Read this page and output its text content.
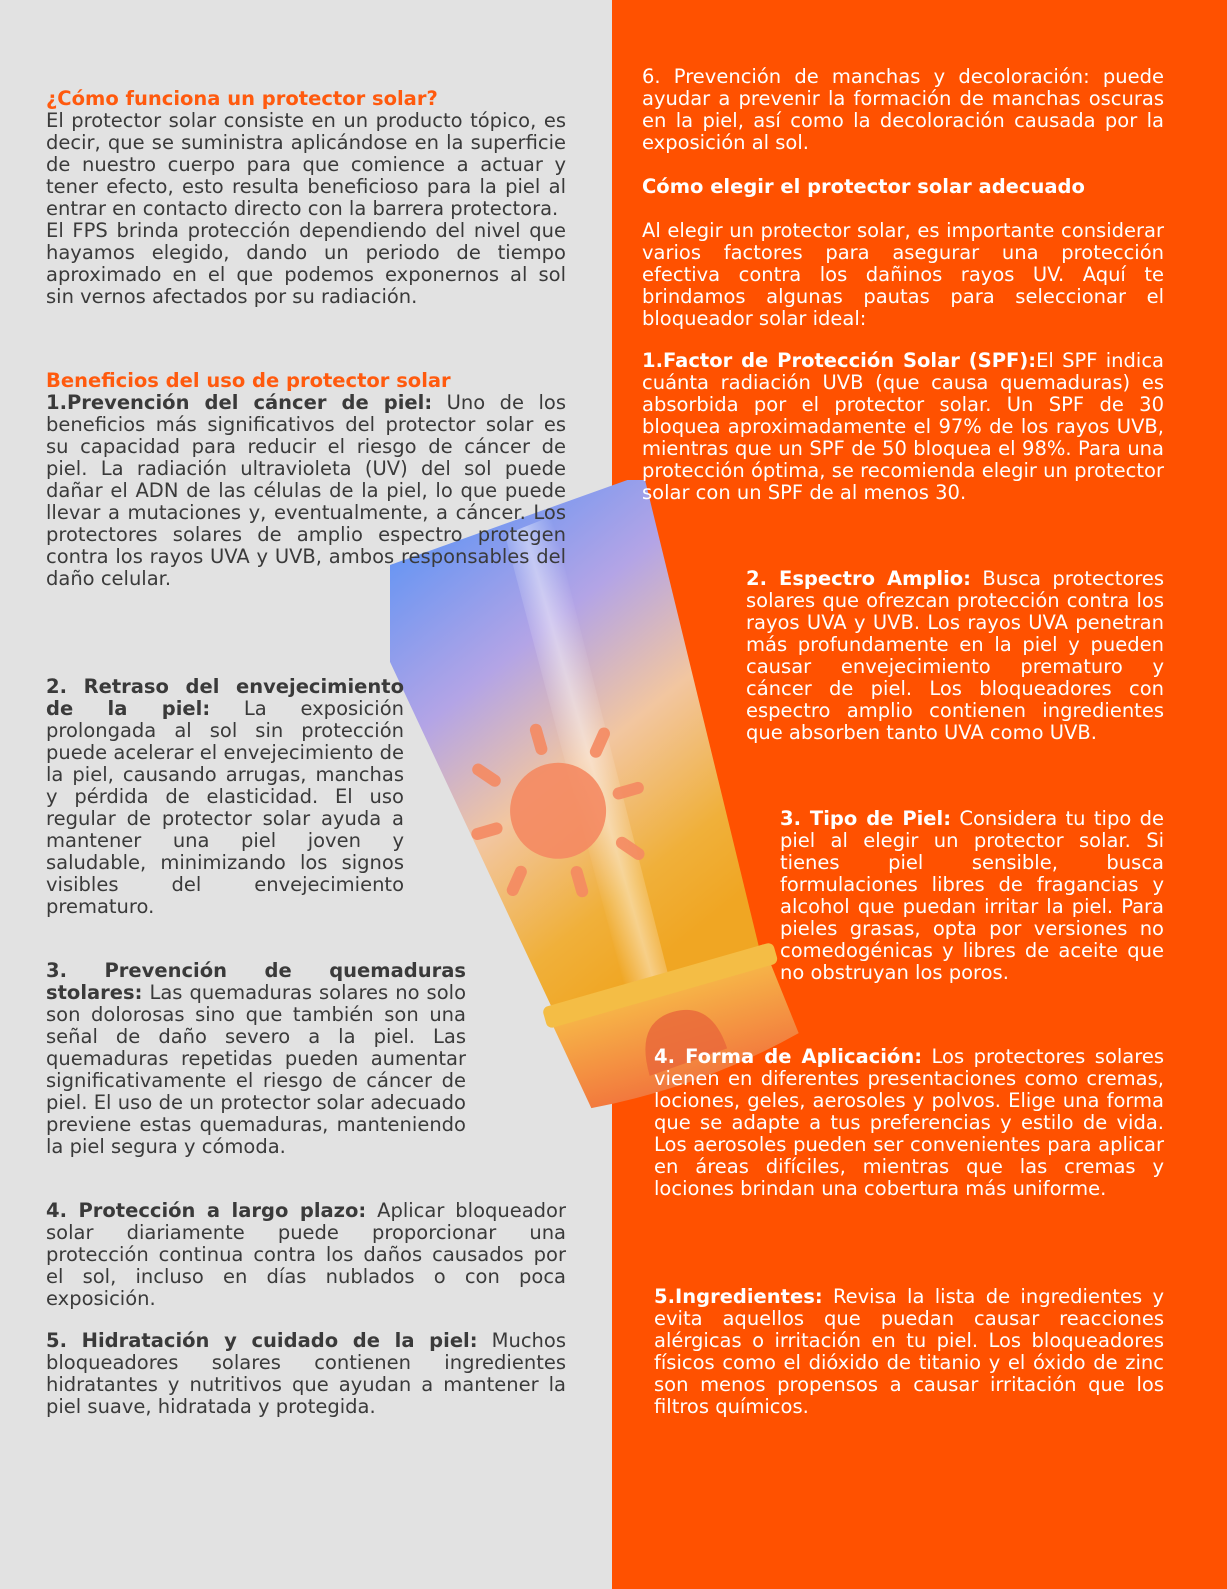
¿Cómo funciona un protector solar?
El protector solar consiste en un producto tópico, es decir, que se suministra aplicándose en la superficie de nuestro cuerpo para que comience a actuar y tener efecto, esto resulta beneficioso para la piel al entrar en contacto directo con la barrera protectora.
El FPS brinda protección dependiendo del nivel que hayamos elegido, dando un periodo de tiempo aproximado en el que podemos exponernos al sol sin vernos afectados por su radiación.
Beneficios del uso de protector solar
1.Prevención del cáncer de piel: Uno de los beneficios más significativos del protector solar es su capacidad para reducir el riesgo de cáncer de piel. La radiación ultravioleta (UV) del sol puede dañar el ADN de las células de la piel, lo que puede llevar a mutaciones y, eventualmente, a cáncer. Los protectores solares de amplio espectro protegen contra los rayos UVA y UVB, ambos responsables del daño celular.
2. Retraso del envejecimiento de la piel: La exposición prolongada al sol sin protección puede acelerar el envejecimiento de la piel, causando arrugas, manchas y pérdida de elasticidad. El uso regular de protector solar ayuda a mantener una piel joven y saludable, minimizando los signos visibles del envejecimiento prematuro.
3. Prevención de quemaduras stolares: Las quemaduras solares no solo son dolorosas sino que también son una señal de daño severo a la piel. Las quemaduras repetidas pueden aumentar significativamente el riesgo de cáncer de piel. El uso de un protector solar adecuado previene estas quemaduras, manteniendo la piel segura y cómoda.
4. Protección a largo plazo: Aplicar bloqueador solar diariamente puede proporcionar una protección continua contra los daños causados por el sol, incluso en días nublados o con poca exposición.
5. Hidratación y cuidado de la piel: Muchos bloqueadores solares contienen ingredientes hidratantes y nutritivos que ayudan a mantener la piel suave, hidratada y protegida.
6. Prevención de manchas y decoloración: puede ayudar a prevenir la formación de manchas oscuras en la piel, así como la decoloración causada por la exposición al sol.
Cómo elegir el protector solar adecuado
Al elegir un protector solar, es importante considerar varios factores para asegurar una protección efectiva contra los dañinos rayos UV. Aquí te brindamos algunas pautas para seleccionar el bloqueador solar ideal:
1.Factor de Protección Solar (SPF):El SPF indica cuánta radiación UVB (que causa quemaduras) es absorbida por el protector solar. Un SPF de 30 bloquea aproximadamente el 97% de los rayos UVB, mientras que un SPF de 50 bloquea el 98%. Para una protección óptima, se recomienda elegir un protector solar con un SPF de al menos 30.
2. Espectro Amplio: Busca protectores solares que ofrezcan protección contra los rayos UVA y UVB. Los rayos UVA penetran más profundamente en la piel y pueden causar envejecimiento prematuro y cáncer de piel. Los bloqueadores con espectro amplio contienen ingredientes que absorben tanto UVA como UVB.
3. Tipo de Piel: Considera tu tipo de piel al elegir un protector solar. Si tienes piel sensible, busca formulaciones libres de fragancias y alcohol que puedan irritar la piel. Para pieles grasas, opta por versiones no comedogénicas y libres de aceite que no obstruyan los poros.
4. Forma de Aplicación: Los protectores solares vienen en diferentes presentaciones como cremas, lociones, geles, aerosoles y polvos. Elige una forma que se adapte a tus preferencias y estilo de vida. Los aerosoles pueden ser convenientes para aplicar en áreas difíciles, mientras que las cremas y lociones brindan una cobertura más uniforme.
5.Ingredientes: Revisa la lista de ingredientes y evita aquellos que puedan causar reacciones alérgicas o irritación en tu piel. Los bloqueadores físicos como el dióxido de titanio y el óxido de zinc son menos propensos a causar irritación que los filtros químicos.
